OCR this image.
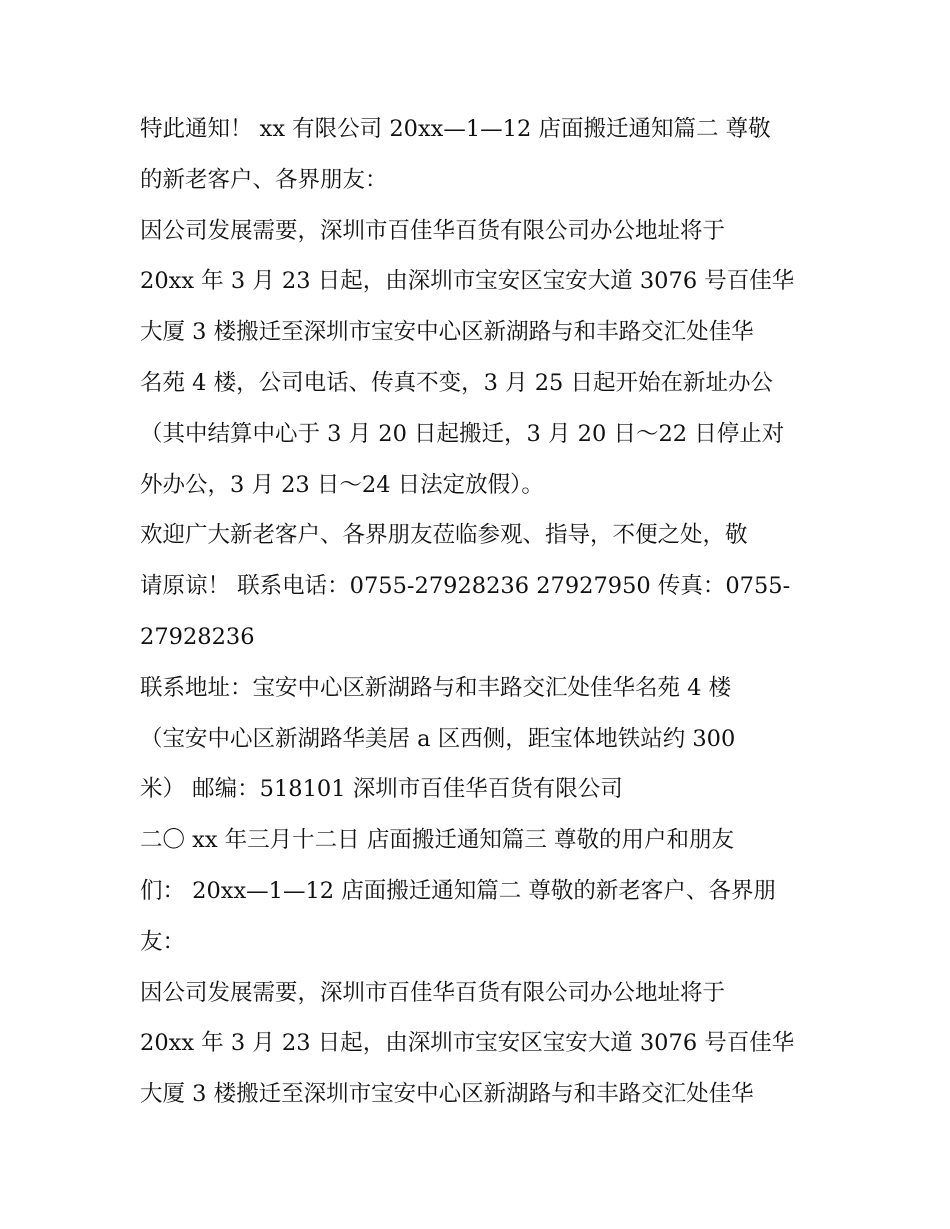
特此通知！ xx 有限公司 20xx—1—12 店面搬迁通知篇二 尊敬
的新老客户、各界朋友：
因公司发展需要，深圳市百佳华百货有限公司办公地址将于
20xx 年 3 月 23 日起，由深圳市宝安区宝安大道 3076 号百佳华
大厦 3 楼搬迁至深圳市宝安中心区新湖路与和丰路交汇处佳华
名苑 4 楼，公司电话、传真不变，3 月 25 日起开始在新址办公
（其中结算中心于 3 月 20 日起搬迁，3 月 20 日～22 日停止对
外办公，3 月 23 日～24 日法定放假）。
欢迎广大新老客户、各界朋友莅临参观、指导，不便之处，敬
请原谅！ 联系电话：0755-27928236 27927950 传真：0755-
27928236
联系地址：宝安中心区新湖路与和丰路交汇处佳华名苑 4 楼
（宝安中心区新湖路华美居 a 区西侧，距宝体地铁站约 300
米） 邮编：518101 深圳市百佳华百货有限公司
二〇 xx 年三月十二日 店面搬迁通知篇三 尊敬的用户和朋友
们： 20xx—1—12 店面搬迁通知篇二 尊敬的新老客户、各界朋
友：
因公司发展需要，深圳市百佳华百货有限公司办公地址将于
20xx 年 3 月 23 日起，由深圳市宝安区宝安大道 3076 号百佳华
大厦 3 楼搬迁至深圳市宝安中心区新湖路与和丰路交汇处佳华
